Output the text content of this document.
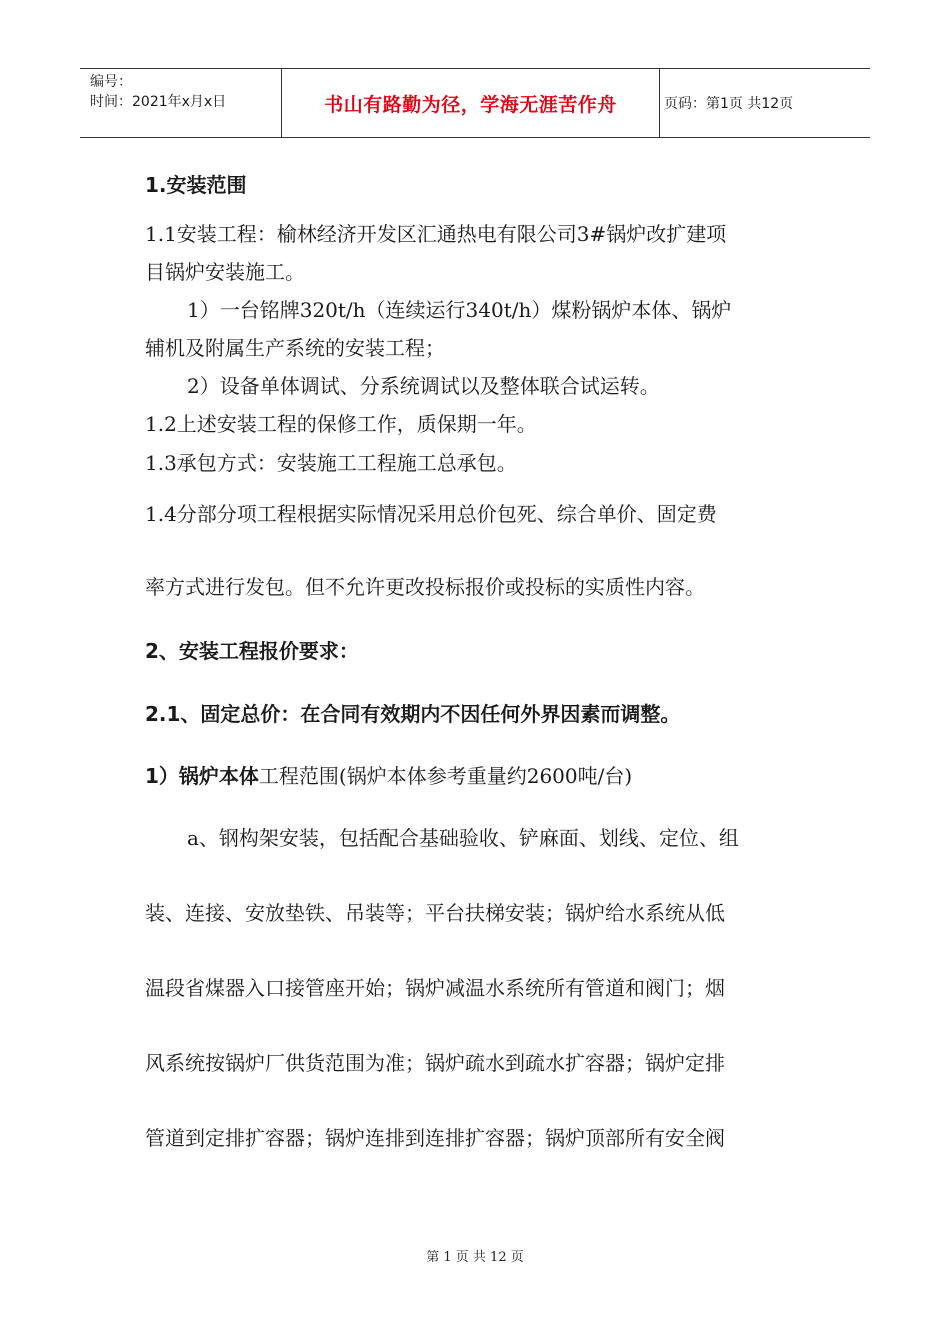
编号：
时间：2021年x月x日	书山有路勤为径，学海无涯苦作舟	页码：第1页 共12页
1.安装范围
1.1安装工程：榆林经济开发区汇通热电有限公司3#锅炉改扩建项
目锅炉安装施工。
1）一台铭牌320t/h（连续运行340t/h）煤粉锅炉本体、锅炉
辅机及附属生产系统的安装工程；
2）设备单体调试、分系统调试以及整体联合试运转。
1.2上述安装工程的保修工作，质保期一年。
1.3承包方式：安装施工工程施工总承包。
1.4分部分项工程根据实际情况采用总价包死、综合单价、固定费
率方式进行发包。但不允许更改投标报价或投标的实质性内容。
2、安装工程报价要求：
2.1、固定总价：在合同有效期内不因任何外界因素而调整。
1）锅炉本体工程范围(锅炉本体参考重量约2600吨/台)
a、钢构架安装，包括配合基础验收、铲麻面、划线、定位、组
装、连接、安放垫铁、吊装等；平台扶梯安装；锅炉给水系统从低
温段省煤器入口接管座开始；锅炉减温水系统所有管道和阀门；烟
风系统按锅炉厂供货范围为准；锅炉疏水到疏水扩容器；锅炉定排
管道到定排扩容器；锅炉连排到连排扩容器；锅炉顶部所有安全阀
第 1 页 共 12 页
